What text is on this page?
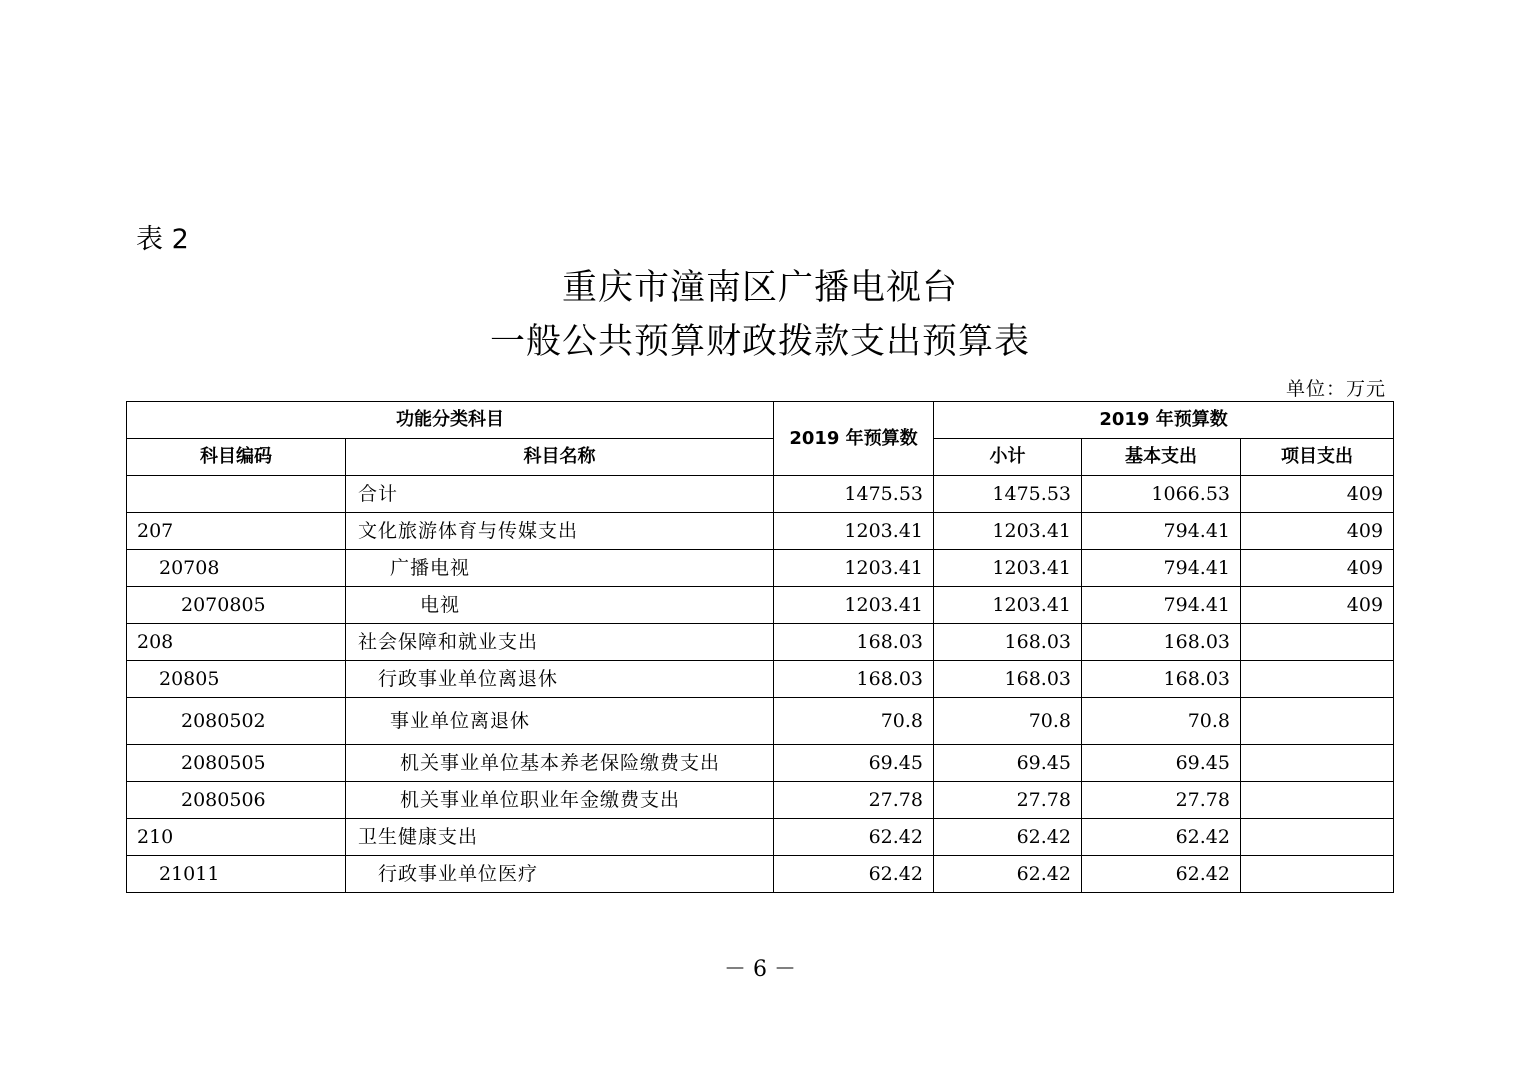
表 2
重庆市潼南区广播电视台
一般公共预算财政拨款支出预算表
单位：万元
功能分类科目		2019 年预算数	2019 年预算数		
科目编码	科目名称		小计	基本支出	项目支出
	合计	1475.53	1475.53	1066.53	409
207	文化旅游体育与传媒支出	1203.41	1203.41	794.41	409
20708	广播电视	1203.41	1203.41	794.41	409
2070805	电视	1203.41	1203.41	794.41	409
208	社会保障和就业支出	168.03	168.03	168.03	
20805	行政事业单位离退休	168.03	168.03	168.03	
2080502	事业单位离退休	70.8	70.8	70.8	
2080505	机关事业单位基本养老保险缴费支出	69.45	69.45	69.45	
2080506	机关事业单位职业年金缴费支出	27.78	27.78	27.78	
210	卫生健康支出	62.42	62.42	62.42	
21011	行政事业单位医疗	62.42	62.42	62.42	
－ 6 －
